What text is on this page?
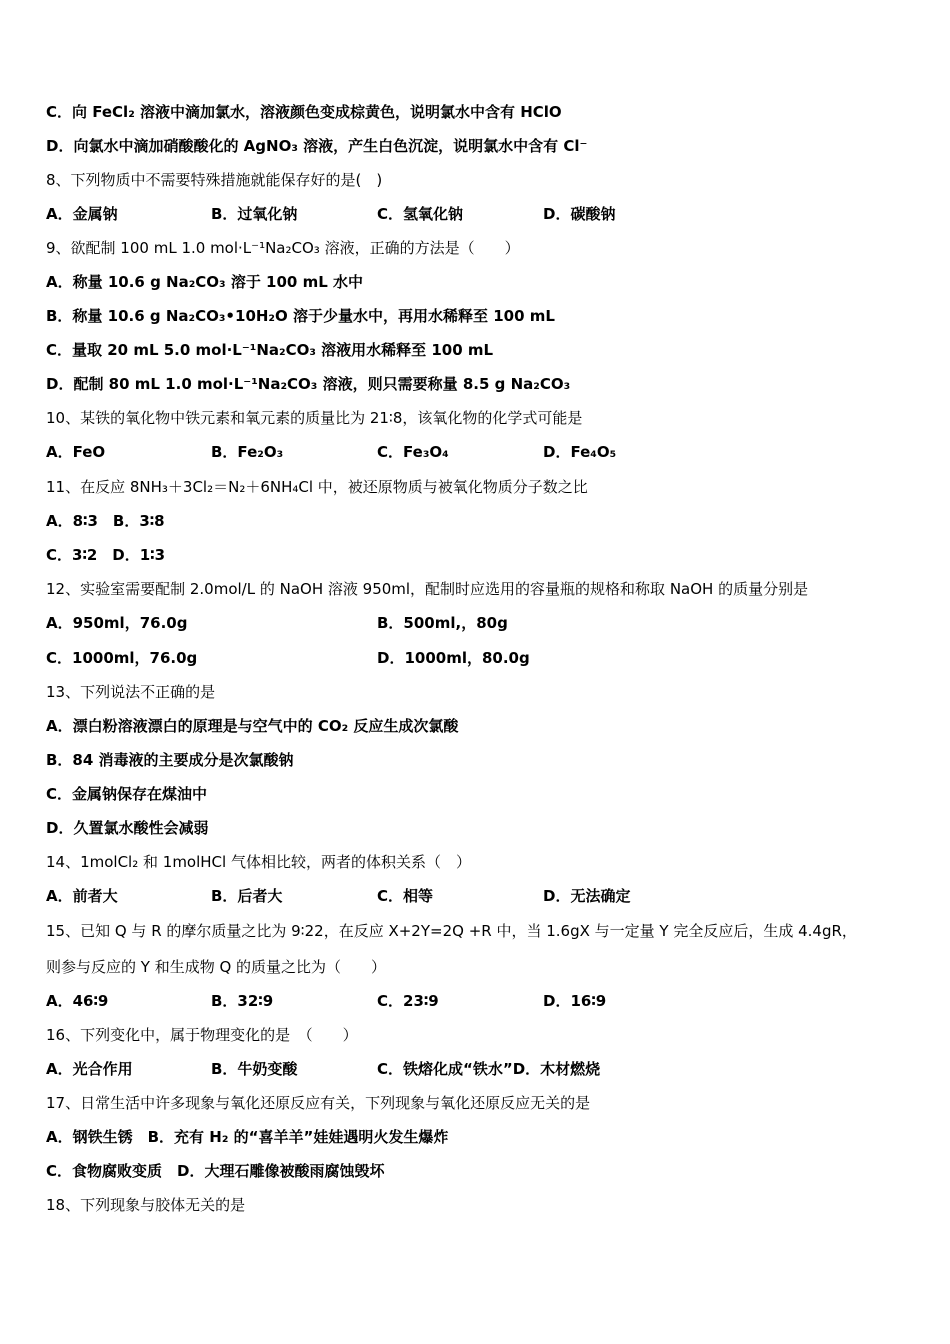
C．向 FeCl₂ 溶液中滴加氯水，溶液颜色变成棕黄色，说明氯水中含有 HClO
D．向氯水中滴加硝酸酸化的 AgNO₃ 溶液，产生白色沉淀，说明氯水中含有 Cl⁻
8、下列物质中不需要特殊措施就能保存好的是(　)
A．金属钠	B．过氧化钠	C．氢氧化钠	D．碳酸钠
9、欲配制 100 mL 1.0 mol·L⁻¹Na₂CO₃ 溶液，正确的方法是（　　）
A．称量 10.6 g Na₂CO₃ 溶于 100 mL 水中
B．称量 10.6 g Na₂CO₃•10H₂O 溶于少量水中，再用水稀释至 100 mL
C．量取 20 mL 5.0 mol·L⁻¹Na₂CO₃ 溶液用水稀释至 100 mL
D．配制 80 mL 1.0 mol·L⁻¹Na₂CO₃ 溶液，则只需要称量 8.5 g Na₂CO₃
10、某铁的氧化物中铁元素和氧元素的质量比为 21∶8，该氧化物的化学式可能是
A．FeO	B．Fe₂O₃	C．Fe₃O₄	D．Fe₄O₅
11、在反应 8NH₃＋3Cl₂＝N₂＋6NH₄Cl 中，被还原物质与被氧化物质分子数之比
A．8∶3　B．3∶8
C．3∶2　D．1∶3
12、实验室需要配制 2.0mol/L 的 NaOH 溶液 950ml，配制时应选用的容量瓶的规格和称取 NaOH 的质量分别是
A．950ml，76.0g	B．500ml,，80g
C．1000ml，76.0g	D．1000ml，80.0g
13、下列说法不正确的是
A．漂白粉溶液漂白的原理是与空气中的 CO₂ 反应生成次氯酸
B．84 消毒液的主要成分是次氯酸钠
C．金属钠保存在煤油中
D．久置氯水酸性会减弱
14、1molCl₂ 和 1molHCl 气体相比较，两者的体积关系（　）
A．前者大	B．后者大	C．相等	D．无法确定
15、已知 Q 与 R 的摩尔质量之比为 9∶22，在反应 X+2Y=2Q +R 中，当 1.6gX 与一定量 Y 完全反应后，生成 4.4gR，
则参与反应的 Y 和生成物 Q 的质量之比为（　　）
A．46∶9	B．32∶9	C．23∶9	D．16∶9
16、下列变化中，属于物理变化的是　（　　）
A．光合作用	B．牛奶变酸	C．铁熔化成“铁水”D．木材燃烧
17、日常生活中许多现象与氧化还原反应有关，下列现象与氧化还原反应无关的是
A．钢铁生锈　B．充有 H₂ 的“喜羊羊”娃娃遇明火发生爆炸
C．食物腐败变质　D．大理石雕像被酸雨腐蚀毁坏
18、下列现象与胶体无关的是
